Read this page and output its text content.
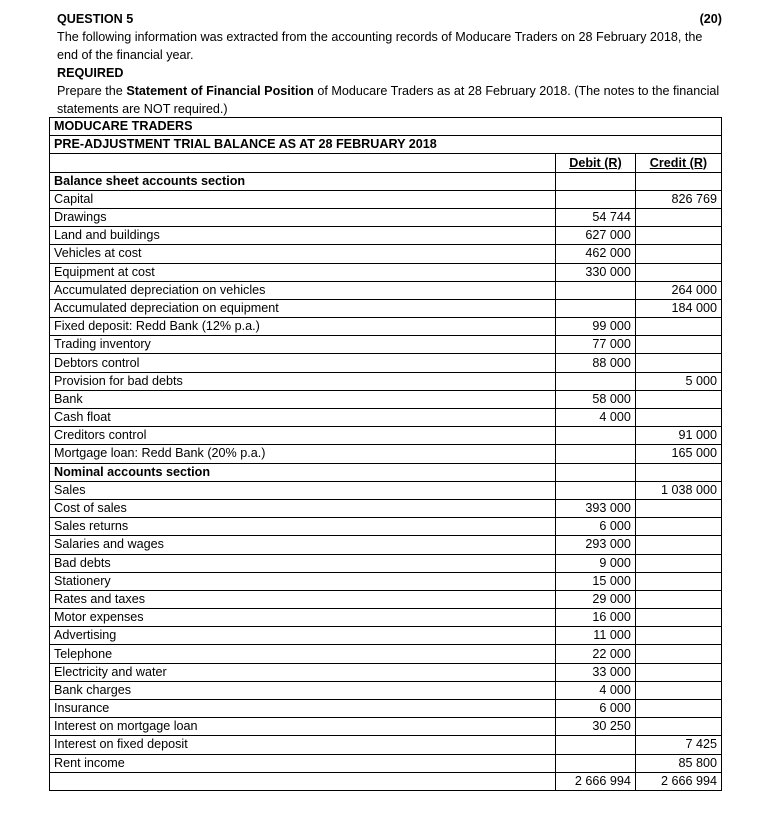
QUESTION 5	(20)

The following information was extracted from the accounting records of Moducare Traders on 28 February 2018, the end of the financial year.

REQUIRED

Prepare the Statement of Financial Position of Moducare Traders as at 28 February 2018. (The notes to the financial statements are NOT required.)

MODUCARE TRADERS		
PRE-ADJUSTMENT TRIAL BALANCE AS AT 28 FEBRUARY 2018		
	Debit (R)	Credit (R)
Balance sheet accounts section		
Capital		826 769
Drawings	54 744	
Land and buildings	627 000	
Vehicles at cost	462 000	
Equipment at cost	330 000	
Accumulated depreciation on vehicles		264 000
Accumulated depreciation on equipment		184 000
Fixed deposit: Redd Bank (12% p.a.)	99 000	
Trading inventory	77 000	
Debtors control	88 000	
Provision for bad debts		5 000
Bank	58 000	
Cash float	4 000	
Creditors control		91 000
Mortgage loan: Redd Bank (20% p.a.)		165 000
Nominal accounts section		
Sales		1 038 000
Cost of sales	393 000	
Sales returns	6 000	
Salaries and wages	293 000	
Bad debts	9 000	
Stationery	15 000	
Rates and taxes	29 000	
Motor expenses	16 000	
Advertising	11 000	
Telephone	22 000	
Electricity and water	33 000	
Bank charges	4 000	
Insurance	6 000	
Interest on mortgage loan	30 250	
Interest on fixed deposit		7 425
Rent income		85 800
	2 666 994	2 666 994
